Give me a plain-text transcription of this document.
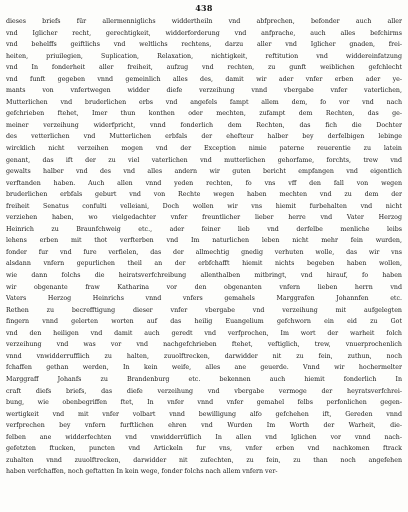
438
dieses briefs für allermenniglichs widdertheiln vnd abfprechen, befonder auch aller
vnd Iglicher recht, gerechtigkeit, widderforderung vnd anfprache, auch alles befchirms
vnd behelffs geiftlichs vnd weltlichs rechtens, darzu aller vnd Iglicher gnaden, frei-
heiten, priuilegien, Suplication, Relaxation, nichtigkeit, reftitution vnd widdereinfatzung
vnd In fonderheit aller freiheit, aufzug vnd rechten, zu gunft weiblichen gefchlecht
vnd funft gegeben vnnd gemeinlich alles des, damit wir ader vnfer erben ader ye-
mants von vnfertwegen widder diefe verzeihung vnnd vbergabe vnfer vaterlichen,
Mutterlichen vnd bruderlichen erbs vnd angefels fampt allem dem, fo vor vnd nach
gefchrieben ftehet, Imer thun konthen oder mechten, zufampt dem Rechten, das ge-
meiner verzeihung widerfpricht, vnnd fonderlich dem Rechten, das fich die Dochter
des vetterlichen vnd Mutterlichen erbfals der ehefteur halber bey derfelbigen lebinge
wircklich nicht verzeihen mogen vnd der Exception nimie paterne reuerentie zu latein
genant, das ift der zu viel vaterlichen vnd mutterlichen gehorfame, forchts, trew vnd
gewalts halber vnd des vnd alles andern wir guten bericht empfangen vnd eigentlich
verftanden haben. Auch allen vnnd yeden rechten, fo vns vff den fall von wegen
bruderlichen erbfals geburt vnd von Rechte wegen haben mechten vnd zu dem der
freiheit Senatus confulti velleiani, Doch wollen wir vns hiemit furbehalten vnd nicht
verziehen haben, wo vielgedachter vnfer freuntlicher lieber herre vnd Vater Herzog
Heinrich zu Braunfchweig etc., ader feiner lieb vnd derfelbe menliche leibs
lehens erben mit thot verfterben vnd Im naturlichen leben nicht mehr fein wurden,
fonder fur vnd fure verfielen, das der allmechtig gnedig verhuten wolle, das wir vns
alsdann vnfern gepurlichen theil an der erbfchafft hiemit nichts begeben haben wollen,
wie dann folchs die heiratsverfchreibung allenthalben mitbringt, vnd hirauf, fo haben
wir obgenante fraw Katharina vor den obgenanten vnfern lieben herrn vnd
Vaters Herzog Heinrichs vnnd vnfers gemahels Marggrafen Johannfen etc.
Rethen zu becrefftigung dieser vnfer vbergabe vnd verzeihung mit aufgelegten
fingern vnnd gelerten worten auf das heilig Euangelium gefchworn ein eid zu Got
vnd den heiligen vnd damit auch geredt vnd verfprochen, Im wort der warheit folch
verzeihung vnd was vor vnd nachgefchrieben ftehet, veftiglich, trew, vnuerprochenlich
vnnd vnwidderrufflich zu halten, zuuolftrecken, darwidder nit zu fein, zuthun, noch
fchaffen gethan werden, In kein weife, alles ane geuerde. Vnnd wir hochermelter
Marggraff Johanfs zu Brandenburg etc. bekennen auch hiemit fonderlich In
craft diefs briefs, das diefe verzeihung vnd vbergabe vermoge der heyratsverfchrei-
bung, wie obenbegriffen ftet, In vnfer vnnd vnfer gemahel felbs perfonlichen gegen-
wertigkeit vnd mit vnfer volbart vnnd bewilligung alfo gefchehen ift, Gereden vnnd
verfprechen bey vnfern furftlichen ehren vnd Wurden Im Worth der Warheit, die-
felben ane widderfechten vnd vnwidderrüflich In allen vnd Iglichen vor vnnd nach-
gefetzten ftucken, puncten vnd Artickeln fur vns, vnfer erben vnd nachkomen ftrack
zuhalten vnnd zuuolftrecken, darwidder nit zufechten, zu fein, zu than noch angefehen
haben verfchaffen, noch geftatten In kein wege, fonder folchs nach allem vnfern ver-
